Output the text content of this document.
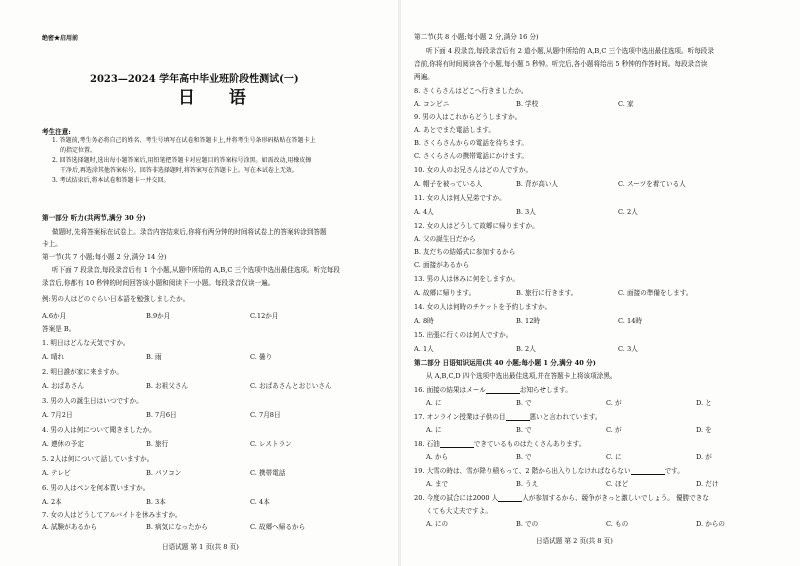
绝密★启用前
2023—2024 学年高中毕业班阶段性测试(一)
日 语
考生注意:
1. 答题前,考生务必将自己的姓名、考生号填写在试卷和答题卡上,并将考生号条形码粘贴在答题卡上
的指定位置。
2. 回答选择题时,选出每小题答案后,用铅笔把答题卡对应题目的答案标号涂黑。如需改动,用橡皮擦
干净后,再选涂其他答案标号。回答非选择题时,将答案写在答题卡上。写在本试卷上无效。
3. 考试结束后,将本试卷和答题卡一并交回。
第一部分 听力(共两节,满分 30 分)
做题时,先将答案标在试卷上。录音内容结束后,你将有两分钟的时间将试卷上的答案转涂到答题
卡上。
第一节(共 7 小题;每小题 2 分,满分 14 分)
听下面 7 段录音,每段录音后有 1 个小题,从题中所给的 A,B,C 三个选项中选出最佳选项。听完每段
录音后,你都有 10 秒钟的时间回答该小题和阅读下一小题。每段录音仅读一遍。
例:男の人はどのぐらい日本語を勉強しましたか。
A.6か月	B.9か月	C.12か月
答案是 B。
1. 明日はどんな天気ですか。
A. 晴れ	B. 雨	C. 曇り
2. 明日誰が家に来ますか。
A. おばあさん	B. お祖父さん	C. おばあさんとおじいさん
3. 男の人の誕生日はいつですか。
A. 7月2日	B. 7月6日	C. 7月8日
4. 男の人は何について聞きましたか。
A. 連休の予定	B. 旅行	C. レストラン
5. 2人は何について話していますか。
A. テレビ	B. パソコン	C. 携帯電話
6. 男の人はペンを何本買いますか。
A. 2本	B. 3本	C. 4本
7. 女の人はどうしてアルバイトを休みますか。
A. 試験があるから	B. 病気になったから	C. 故郷へ帰るから
日语试题 第 1 页(共 8 页)
第二节(共 8 小题;每小题 2 分,满分 16 分)
听下面 4 段录音,每段录音后有 2 道小题,从题中所给的 A,B,C 三个选项中选出最佳选项。听每段录
音前,你将有时间阅读各个小题,每小题 5 秒钟。听完后,各小题将给出 5 秒钟的作答时间。每段录音读
两遍。
8. さくらさんはどこへ行きましたか。
A. コンビニ	B. 学校	C. 家
9. 男の人はこれからどうしますか。
A. あとでまた電話します。
B. さくらさんからの電話を待ちます。
C. さくらさんの携帯電話にかけます。
10. 女の人のお兄さんはどの人ですか。
A. 帽子を被っている人	B. 背が高い人	C. スーツを着ている人
11. 女の人は何人兄弟ですか。
A. 4人	B. 3人	C. 2人
12. 女の人はどうして故郷に帰りますか。
A. 父の誕生日だから
B. 友だちの結婚式に参加するから
C. 面接があるから
13. 男の人は休みに何をしますか。
A. 故郷に帰ります。	B. 旅行に行きます。	C. 面接の準備をします。
14. 女の人は何時のチケットを予約しますか。
A. 8時	B. 12時	C. 14時
15. 出張に行くのは何人ですか。
A. 1人	B. 2人	C. 3人
第二部分 日语知识运用(共 40 小题;每小题 1 分,满分 40 分)
从 A,B,C,D 四个选项中选出最佳选项,并在答题卡上将该项涂黑。
16. 面接の結果はメール	お知らせします。
A. に	B. で	C. が	D. と
17. オンライン授業は子供の目	悪いと言われています。
A. に	B. で	C. が	D. を
18. 石油	できているものはたくさんあります。
A. から	B. で	C. に	D. が
19. 大雪の時は、雪が降り積もって、2 階から出入りしなければならない	です。
A. まで	B. うえ	C. ほど	D. だけ
20. 今度の試合には2000 人	人が参加するから、競争がきっと激しいでしょう。 優勝できな
くても大丈夫ですよ。
A. にの	B. での	C. もの	D. からの
日语试题 第 2 页(共 8 页)
